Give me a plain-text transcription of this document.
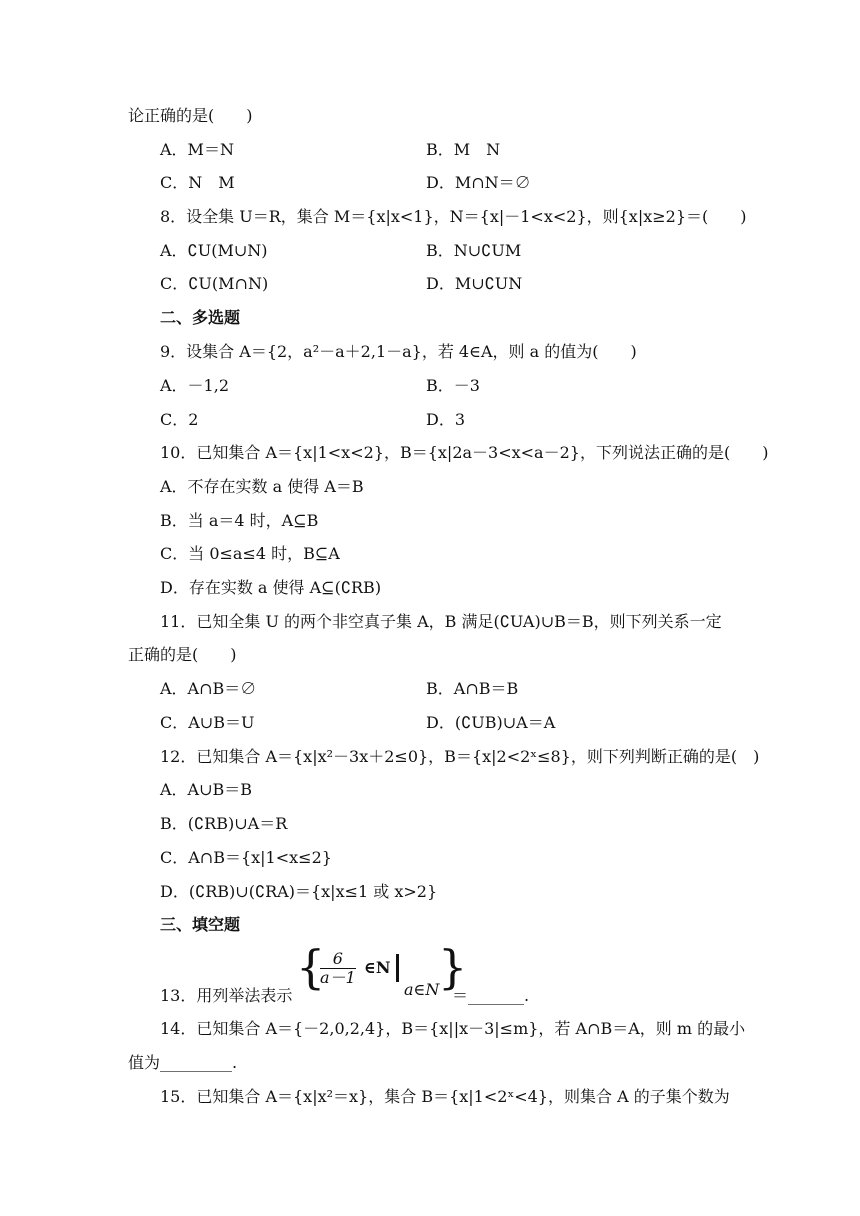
论正确的是(　　)
A．M＝N	B．M　N
C．N　M	D．M∩N＝∅
8．设全集 U＝R，集合 M＝{x|x<1}，N＝{x|－1<x<2}，则{x|x≥2}＝(　　)
A．∁U(M∪N)	B．N∪∁UM
C．∁U(M∩N)	D．M∪∁UN
二、多选题
9．设集合 A＝{2，a²－a＋2,1－a}，若 4∈A，则 a 的值为(　　)
A．－1,2	B．－3
C．2	D．3
10．已知集合 A＝{x|1<x<2}，B＝{x|2a－3<x<a－2}，下列说法正确的是(　　)
A．不存在实数 a 使得 A＝B
B．当 a＝4 时，A⊆B
C．当 0≤a≤4 时，B⊆A
D．存在实数 a 使得 A⊆(∁RB)
11．已知全集 U 的两个非空真子集 A，B 满足(∁UA)∪B＝B，则下列关系一定
正确的是(　　)
A．A∩B＝∅	B．A∩B＝B
C．A∪B＝U	D．(∁UB)∪A＝A
12．已知集合 A＝{x|x²－3x＋2≤0}，B＝{x|2<2ˣ≤8}，则下列判断正确的是(　)
A．A∪B＝B
B．(∁RB)∪A＝R
C．A∩B＝{x|1<x≤2}
D．(∁RB)∪(∁RA)＝{x|x≤1 或 x>2}
三、填空题
13．用列举法表示
{
$\frac{6}{a-1}$ ∈N
a∈N
}
＝_______.
14．已知集合 A＝{－2,0,2,4}，B＝{x||x－3|≤m}，若 A∩B＝A，则 m 的最小
值为_________.
15．已知集合 A＝{x|x²＝x}，集合 B＝{x|1<2ˣ<4}，则集合 A 的子集个数为
